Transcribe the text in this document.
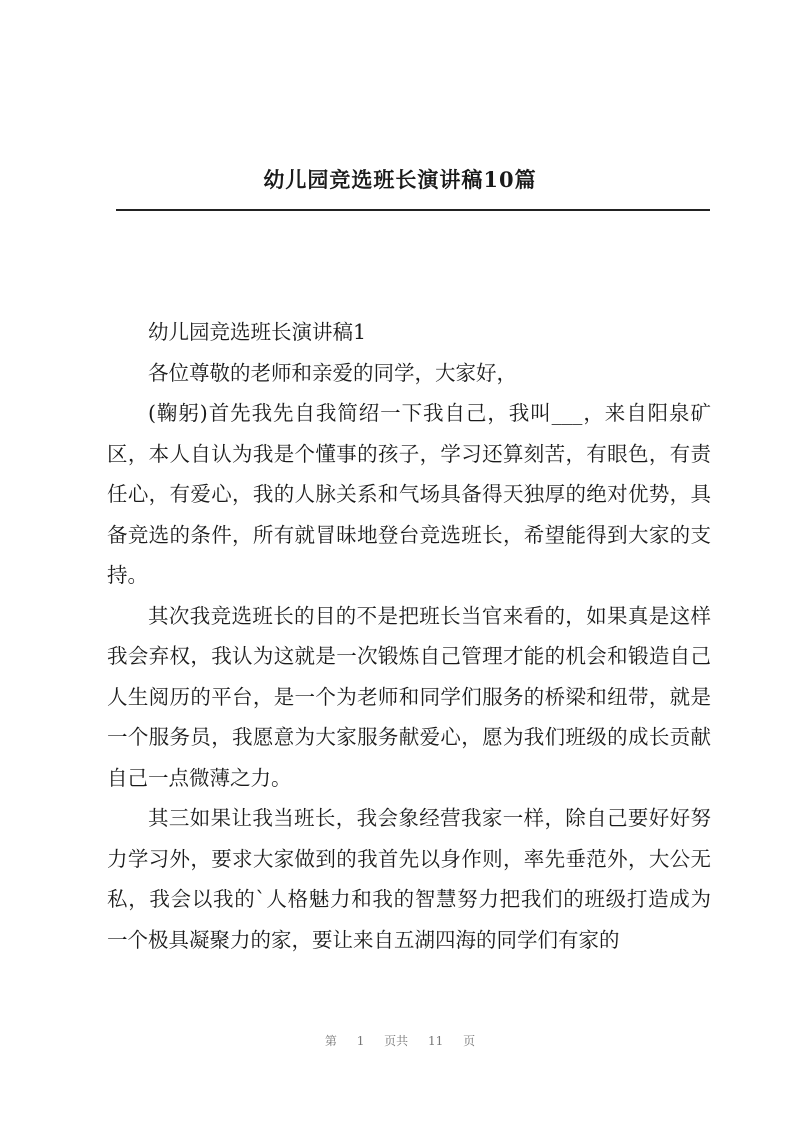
幼儿园竞选班长演讲稿10篇

幼儿园竞选班长演讲稿1

各位尊敬的老师和亲爱的同学，大家好，

(鞠躬)首先我先自我简绍一下我自己，我叫___，来自阳泉矿区，本人自认为我是个懂事的孩子，学习还算刻苦，有眼色，有责任心，有爱心，我的人脉关系和气场具备得天独厚的绝对优势，具备竞选的条件，所有就冒昧地登台竞选班长，希望能得到大家的支持。

其次我竞选班长的目的不是把班长当官来看的，如果真是这样我会弃权，我认为这就是一次锻炼自己管理才能的机会和锻造自己人生阅历的平台，是一个为老师和同学们服务的桥梁和纽带，就是一个服务员，我愿意为大家服务献爱心，愿为我们班级的成长贡献自己一点微薄之力。

其三如果让我当班长，我会象经营我家一样，除自己要好好努力学习外，要求大家做到的我首先以身作则，率先垂范外，大公无私，我会以我的`人格魅力和我的智慧努力把我们的班级打造成为一个极具凝聚力的家，要让来自五湖四海的同学们有家的

第 1 页共 11 页
